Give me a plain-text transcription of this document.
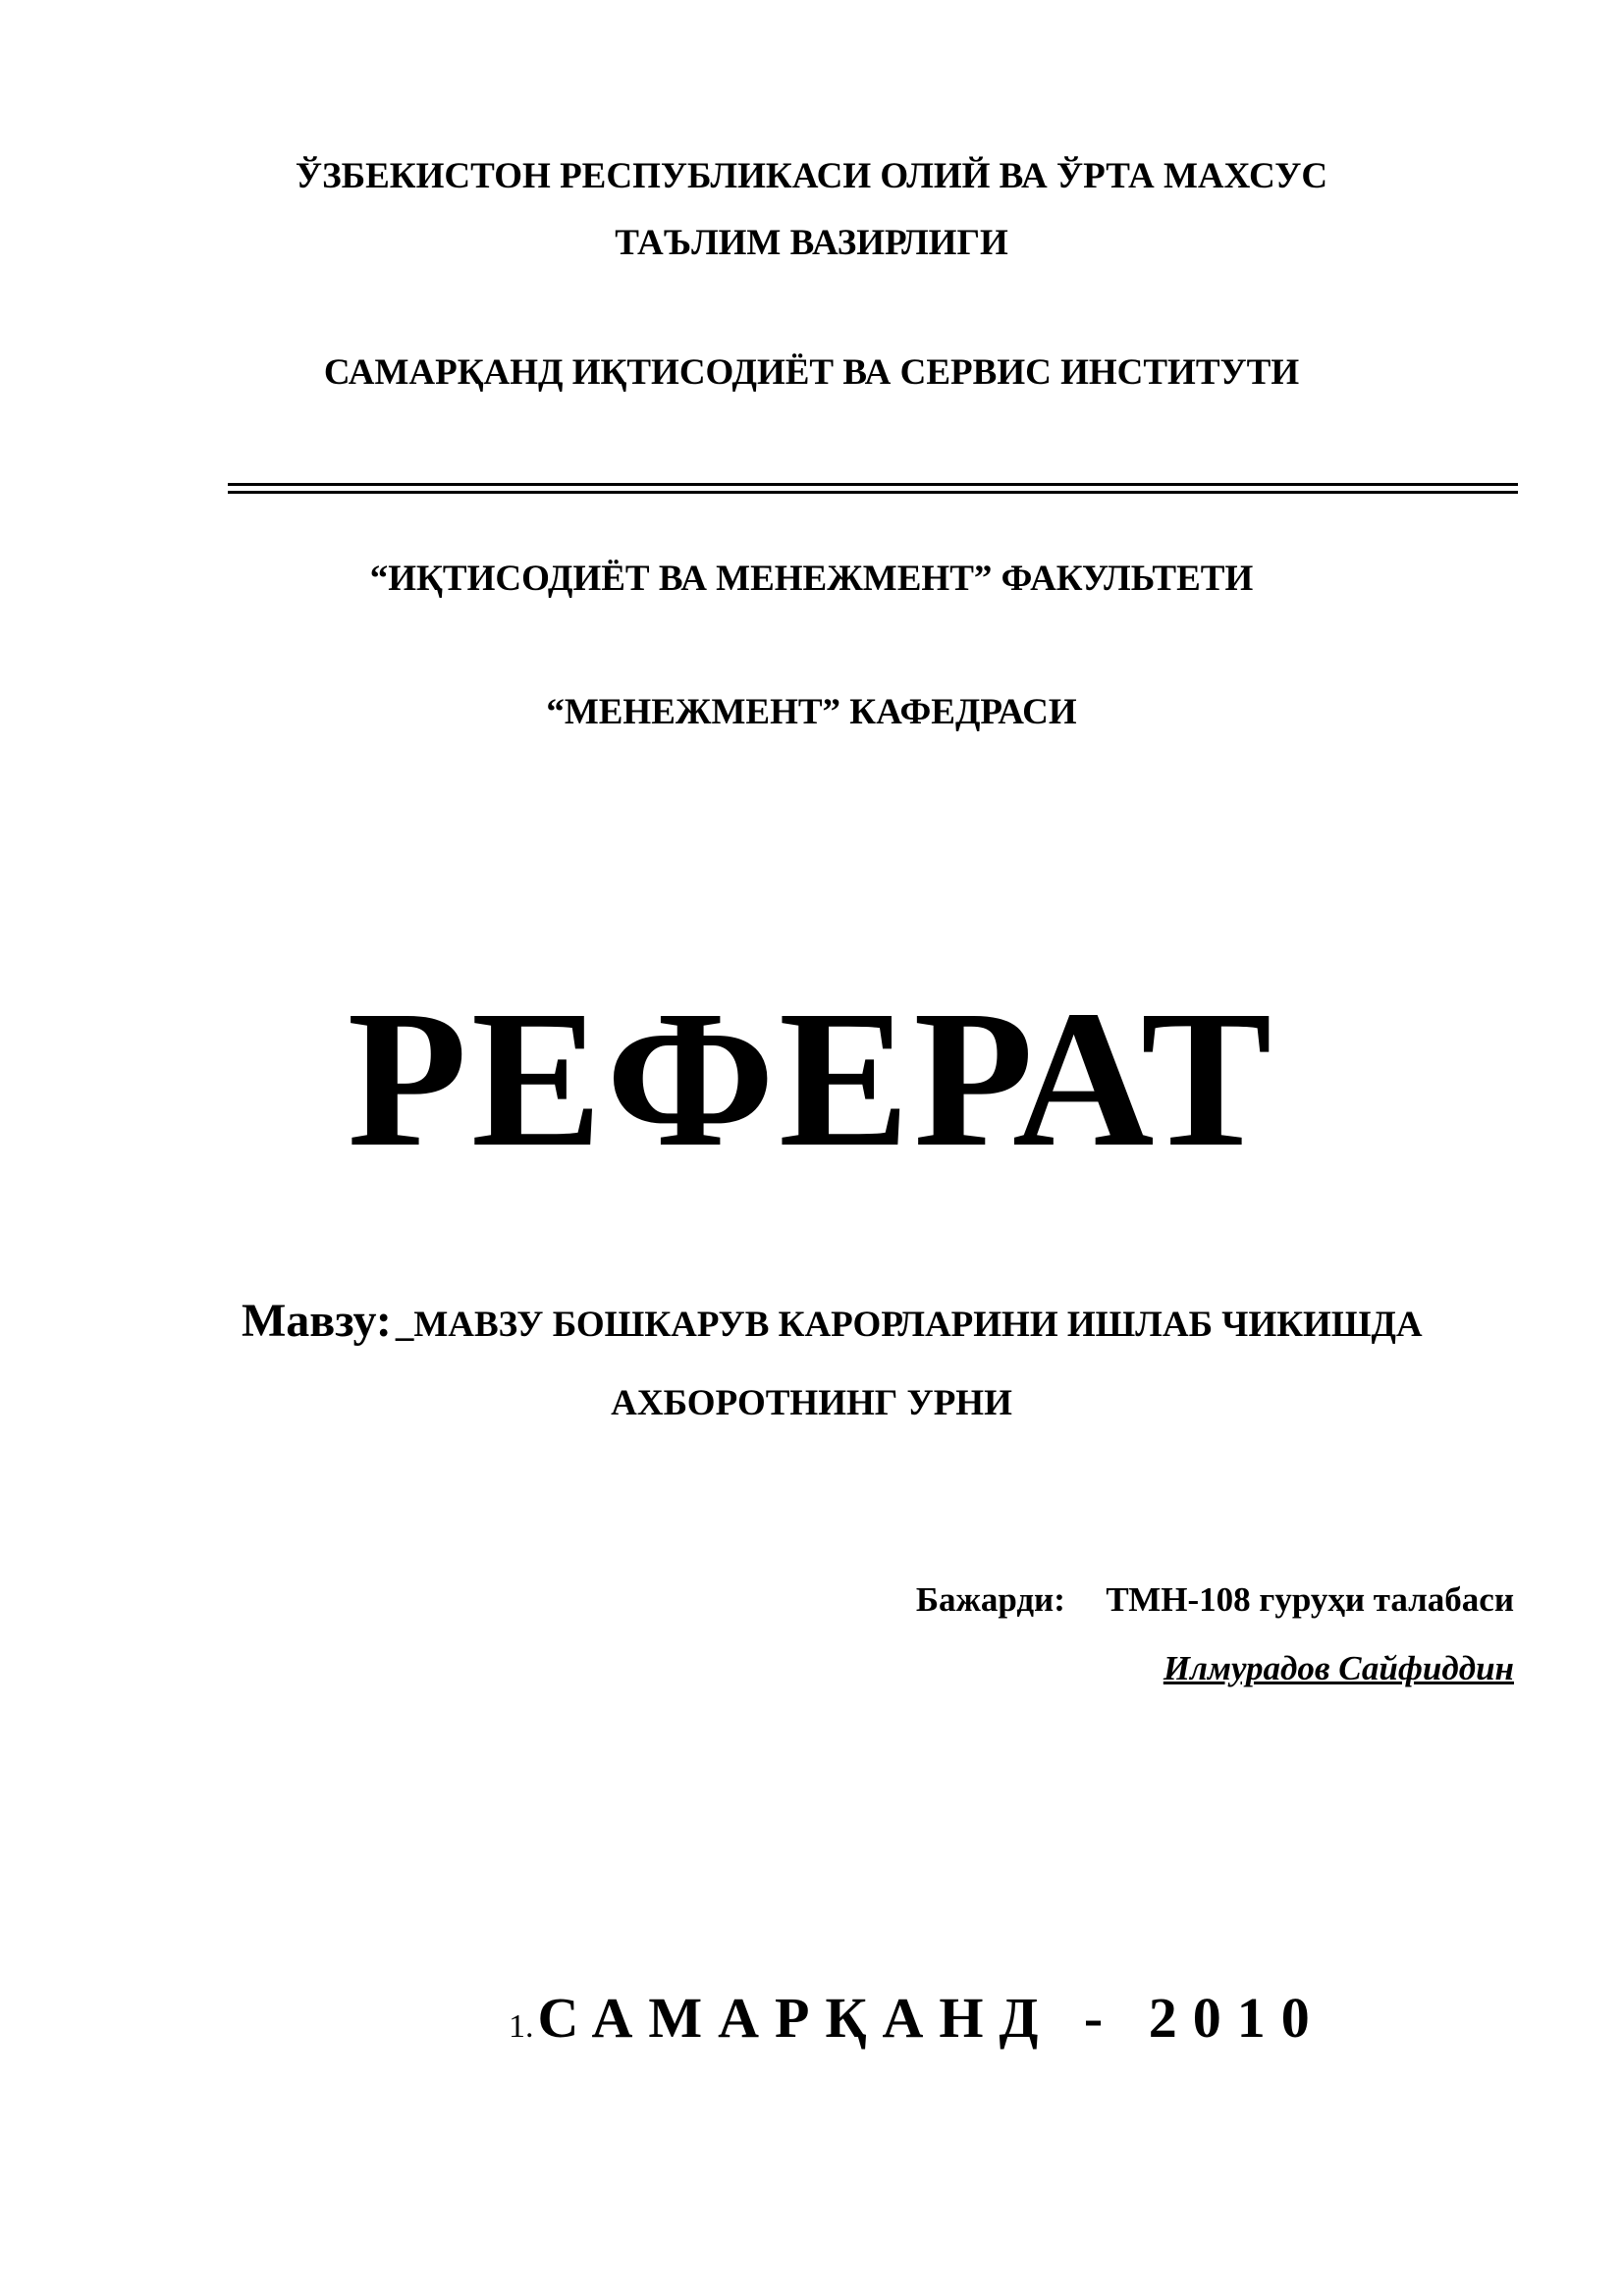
ЎЗБЕКИСТОН РЕСПУБЛИКАСИ ОЛИЙ ВА ЎРТА МАХСУС
ТАЪЛИМ ВАЗИРЛИГИ
САМАРҚАНД ИҚТИСОДИЁТ ВА СЕРВИС ИНСТИТУТИ
“ИҚТИСОДИЁТ ВА МЕНЕЖМЕНТ” ФАКУЛЬТЕТИ
“МЕНЕЖМЕНТ” КАФЕДРАСИ
РЕФЕРАТ
Мавзу: _МАВЗУ БОШКАРУВ КАРОРЛАРИНИ ИШЛАБ ЧИКИШДА
АХБОРОТНИНГ УРНИ
Бажарди: ТМН-108 гуруҳи талабаси
Илмурадов Сайфиддин
1. САМАРҚАНД - 2010
